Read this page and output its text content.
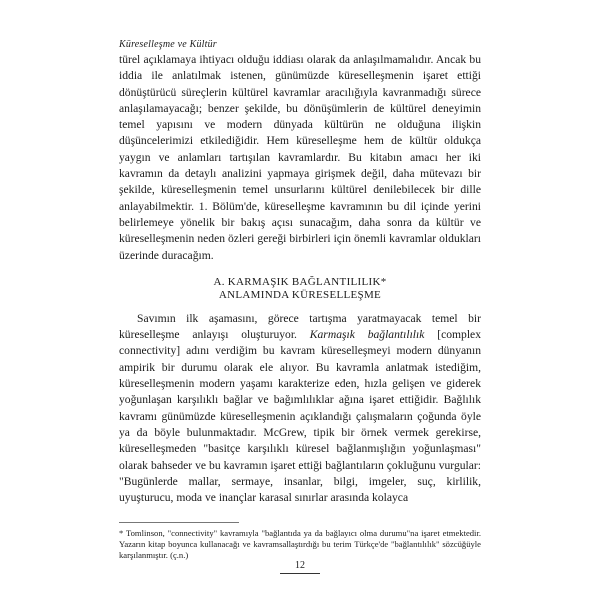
Küreselleşme ve Kültür

türel açıklamaya ihtiyacı olduğu iddiası olarak da anlaşılmamalıdır. Ancak bu iddia ile anlatılmak istenen, günümüzde küreselleşmenin işaret ettiği dönüştürücü süreçlerin kültürel kavramlar aracılığıyla kavranmadığı sürece anlaşılamayacağı; benzer şekilde, bu dönüşümlerin de kültürel deneyimin temel yapısını ve modern dünyada kültürün ne olduğuna ilişkin düşüncelerimizi etkilediğidir. Hem küreselleşme hem de kültür oldukça yaygın ve anlamları tartışılan kavramlardır. Bu kitabın amacı her iki kavramın da detaylı analizini yapmaya girişmek değil, daha mütevazı bir şekilde, küreselleşmenin temel unsurlarını kültürel denilebilecek bir dille anlayabilmektir. 1. Bölüm'de, küreselleşme kavramının bu dil içinde yerini belirlemeye yönelik bir bakış açısı sunacağım, daha sonra da kültür ve küreselleşmenin neden özleri gereği birbirleri için önemli kavramlar oldukları üzerinde duracağım.

A. KARMAŞIK BAĞLANTILILIK*
ANLAMINDA KÜRESELLEŞME

Savımın ilk aşamasını, görece tartışma yaratmayacak temel bir küreselleşme anlayışı oluşturuyor. Karmaşık bağlantılılık [complex connectivity] adını verdiğim bu kavram küreselleşmeyi modern dünyanın ampirik bir durumu olarak ele alıyor. Bu kavramla anlatmak istediğim, küreselleşmenin modern yaşamı karakterize eden, hızla gelişen ve giderek yoğunlaşan karşılıklı bağlar ve bağımlılıklar ağına işaret ettiğidir. Bağlılık kavramı günümüzde küreselleşmenin açıklandığı çalışmaların çoğunda öyle ya da böyle bulunmaktadır. McGrew, tipik bir örnek vermek gerekirse, küreselleşmeden "basitçe karşılıklı küresel bağlanmışlığın yoğunlaşması" olarak bahseder ve bu kavramın işaret ettiği bağlantıların çokluğunu vurgular: "Bugünlerde mallar, sermaye, insanlar, bilgi, imgeler, suç, kirlilik, uyuşturucu, moda ve inançlar karasal sınırlar arasında kolayca

* Tomlinson, "connectivity" kavramıyla "bağlantıda ya da bağlayıcı olma durumu"na işaret etmektedir. Yazarın kitap boyunca kullanacağı ve kavramsallaştırdığı bu terim Türkçe'de "bağlantılılık" sözcüğüyle karşılanmıştır. (ç.n.)
12
